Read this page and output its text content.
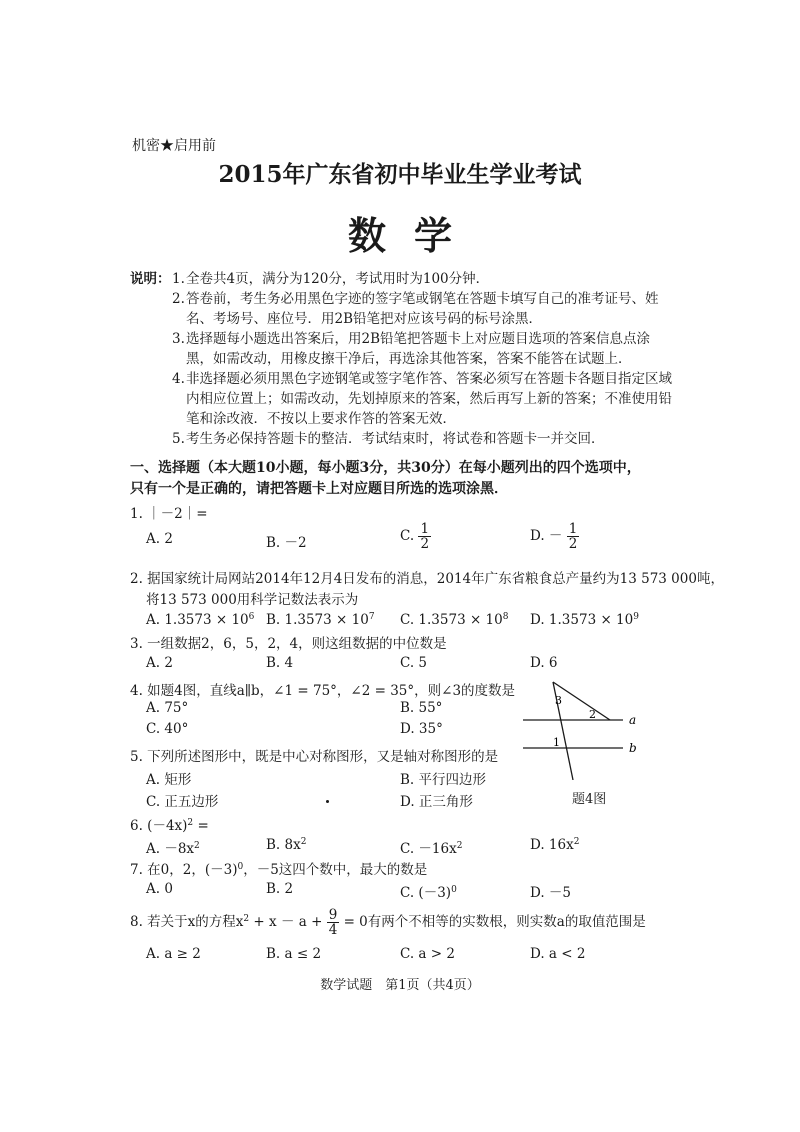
机密★启用前
2015年广东省初中毕业生学业考试
数学
说明： 1. 全卷共4页，满分为120分，考试用时为100分钟．
2. 答卷前，考生务必用黑色字迹的签字笔或钢笔在答题卡填写自己的准考证号、姓名、考场号、座位号．用2B铅笔把对应该号码的标号涂黑．
3. 选择题每小题选出答案后，用2B铅笔把答题卡上对应题目选项的答案信息点涂黑，如需改动，用橡皮擦干净后，再选涂其他答案，答案不能答在试题上．
4. 非选择题必须用黑色字迹钢笔或签字笔作答、答案必须写在答题卡各题目指定区域内相应位置上；如需改动，先划掉原来的答案，然后再写上新的答案；不准使用铅笔和涂改液．不按以上要求作答的答案无效．
5. 考生务必保持答题卡的整洁．考试结束时，将试卷和答题卡一并交回．
一、选择题（本大题10小题，每小题3分，共30分）在每小题列出的四个选项中，只有一个是正确的，请把答题卡上对应题目所选的选项涂黑．
1. ｜－2｜=
A. 2	B. －2	C. $\frac{1}{2}$	D. － $\frac{1}{2}$
2. 据国家统计局网站2014年12月4日发布的消息，2014年广东省粮食总产量约为13 573 000吨，
将13 573 000用科学记数法表示为
A. $1.3573 \times 10^6$ B. $1.3573 \times 10^7$ C. $1.3573 \times 10^8$ D. $1.3573 \times 10^9$
3. 一组数据2，6，5，2，4，则这组数据的中位数是
A. 2	B. 4	C. 5	D. 6
4. 如题4图，直线a∥b，∠1 = 75°，∠2 = 35°，则∠3的度数是
A. 75°	B. 55°
C. 40°	D. 35°
a
b
3
2
1
题4图
5. 下列所述图形中，既是中心对称图形，又是轴对称图形的是
A. 矩形	B. 平行四边形
C. 正五边形	D. 正三角形
6. $(-4x)^2$ =
A. $-8x^2$	B. $8x^2$	C. $-16x^2$	D. $16x^2$
7. 在0，2，$(-3)^0$，－5这四个数中，最大的数是
A. 0	B. 2	C. $(-3)^0$	D. －5
8. 若关于x的方程$x^2 + x - a + \frac{9}{4} = 0$有两个不相等的实数根，则实数a的取值范围是
A. a ≥ 2	B. a ≤ 2	C. a > 2	D. a < 2
数学试题　第1页（共4页）
